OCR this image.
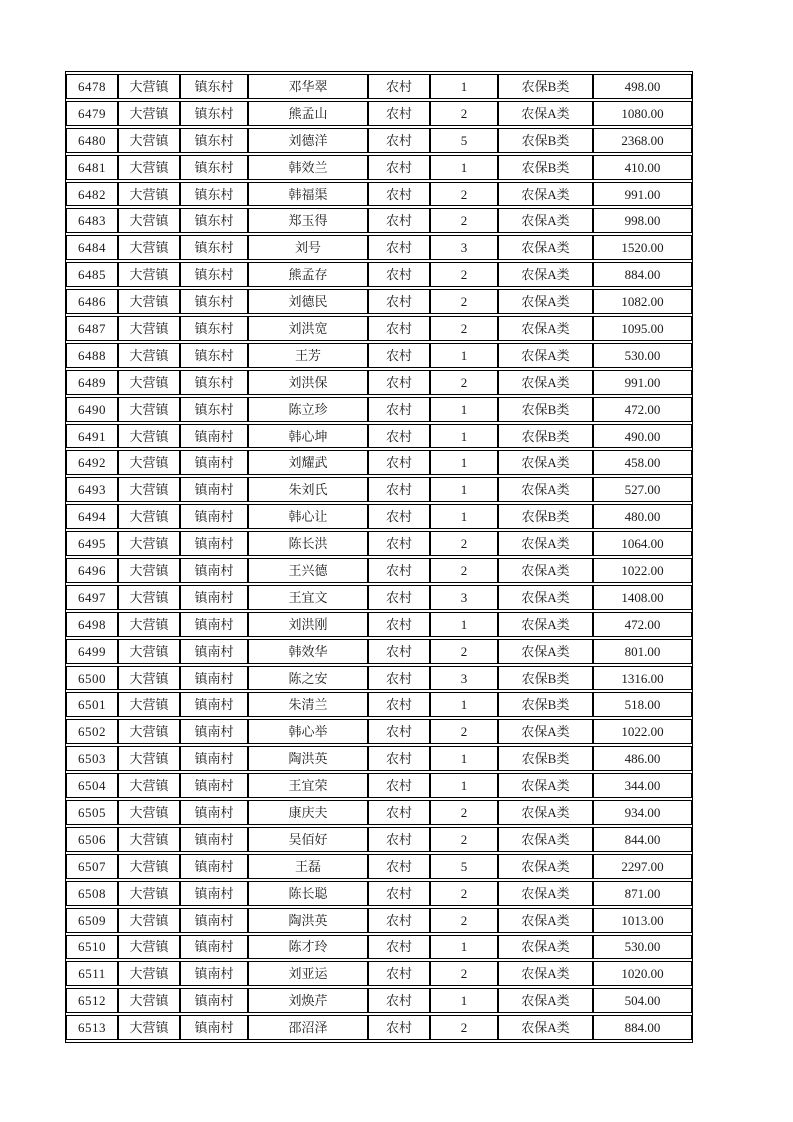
6478	大营镇	镇东村	邓华翠	农村	1	农保B类	498.00
6479	大营镇	镇东村	熊孟山	农村	2	农保A类	1080.00
6480	大营镇	镇东村	刘德洋	农村	5	农保B类	2368.00
6481	大营镇	镇东村	韩效兰	农村	1	农保B类	410.00
6482	大营镇	镇东村	韩福渠	农村	2	农保A类	991.00
6483	大营镇	镇东村	郑玉得	农村	2	农保A类	998.00
6484	大营镇	镇东村	刘号	农村	3	农保A类	1520.00
6485	大营镇	镇东村	熊孟存	农村	2	农保A类	884.00
6486	大营镇	镇东村	刘德民	农村	2	农保A类	1082.00
6487	大营镇	镇东村	刘洪宽	农村	2	农保A类	1095.00
6488	大营镇	镇东村	王芳	农村	1	农保A类	530.00
6489	大营镇	镇东村	刘洪保	农村	2	农保A类	991.00
6490	大营镇	镇东村	陈立珍	农村	1	农保B类	472.00
6491	大营镇	镇南村	韩心坤	农村	1	农保B类	490.00
6492	大营镇	镇南村	刘耀武	农村	1	农保A类	458.00
6493	大营镇	镇南村	朱刘氏	农村	1	农保A类	527.00
6494	大营镇	镇南村	韩心让	农村	1	农保B类	480.00
6495	大营镇	镇南村	陈长洪	农村	2	农保A类	1064.00
6496	大营镇	镇南村	王兴德	农村	2	农保A类	1022.00
6497	大营镇	镇南村	王宜文	农村	3	农保A类	1408.00
6498	大营镇	镇南村	刘洪刚	农村	1	农保A类	472.00
6499	大营镇	镇南村	韩效华	农村	2	农保A类	801.00
6500	大营镇	镇南村	陈之安	农村	3	农保B类	1316.00
6501	大营镇	镇南村	朱清兰	农村	1	农保B类	518.00
6502	大营镇	镇南村	韩心举	农村	2	农保A类	1022.00
6503	大营镇	镇南村	陶洪英	农村	1	农保B类	486.00
6504	大营镇	镇南村	王宜荣	农村	1	农保A类	344.00
6505	大营镇	镇南村	康庆夫	农村	2	农保A类	934.00
6506	大营镇	镇南村	吴佰好	农村	2	农保A类	844.00
6507	大营镇	镇南村	王磊	农村	5	农保A类	2297.00
6508	大营镇	镇南村	陈长聪	农村	2	农保A类	871.00
6509	大营镇	镇南村	陶洪英	农村	2	农保A类	1013.00
6510	大营镇	镇南村	陈才玲	农村	1	农保A类	530.00
6511	大营镇	镇南村	刘亚运	农村	2	农保A类	1020.00
6512	大营镇	镇南村	刘焕芹	农村	1	农保A类	504.00
6513	大营镇	镇南村	邵沼泽	农村	2	农保A类	884.00
